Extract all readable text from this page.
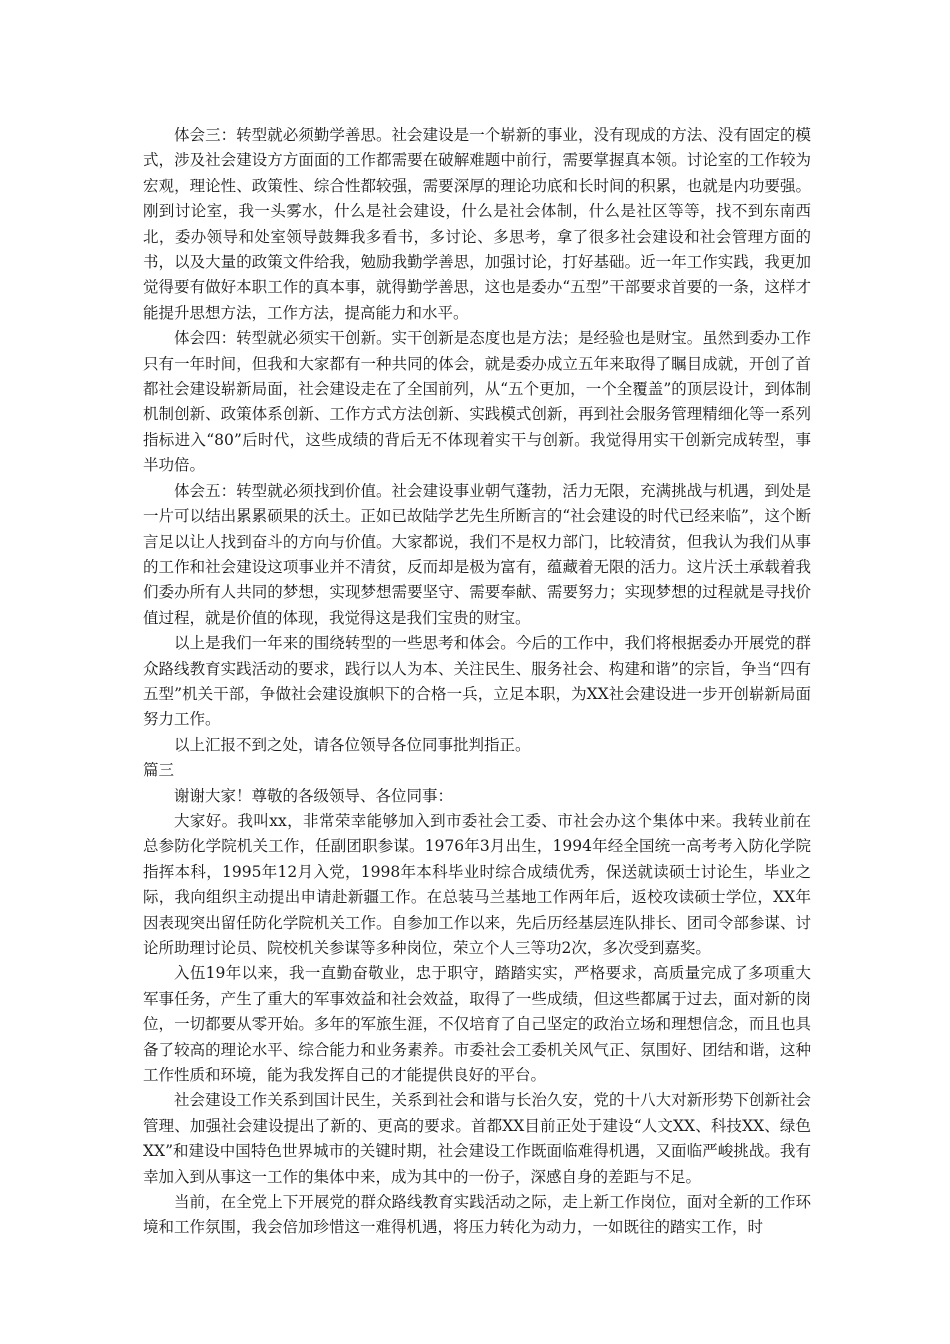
体会三：转型就必须勤学善思。社会建设是一个崭新的事业，没有现成的方法、没有固定的模式，涉及社会建设方方面面的工作都需要在破解难题中前行，需要掌握真本领。讨论室的工作较为宏观，理论性、政策性、综合性都较强，需要深厚的理论功底和长时间的积累，也就是内功要强。刚到讨论室，我一头雾水，什么是社会建设，什么是社会体制，什么是社区等等，找不到东南西北，委办领导和处室领导鼓舞我多看书，多讨论、多思考，拿了很多社会建设和社会管理方面的书，以及大量的政策文件给我，勉励我勤学善思，加强讨论，打好基础。近一年工作实践，我更加觉得要有做好本职工作的真本事，就得勤学善思，这也是委办“五型”干部要求首要的一条，这样才能提升思想方法，工作方法，提高能力和水平。

体会四：转型就必须实干创新。实干创新是态度也是方法；是经验也是财宝。虽然到委办工作只有一年时间，但我和大家都有一种共同的体会，就是委办成立五年来取得了瞩目成就，开创了首都社会建设崭新局面，社会建设走在了全国前列，从“五个更加，一个全覆盖”的顶层设计，到体制机制创新、政策体系创新、工作方式方法创新、实践模式创新，再到社会服务管理精细化等一系列指标进入“80”后时代，这些成绩的背后无不体现着实干与创新。我觉得用实干创新完成转型，事半功倍。

体会五：转型就必须找到价值。社会建设事业朝气蓬勃，活力无限，充满挑战与机遇，到处是一片可以结出累累硕果的沃土。正如已故陆学艺先生所断言的“社会建设的时代已经来临”，这个断言足以让人找到奋斗的方向与价值。大家都说，我们不是权力部门，比较清贫，但我认为我们从事的工作和社会建设这项事业并不清贫，反而却是极为富有，蕴藏着无限的活力。这片沃土承载着我们委办所有人共同的梦想，实现梦想需要坚守、需要奉献、需要努力；实现梦想的过程就是寻找价值过程，就是价值的体现，我觉得这是我们宝贵的财宝。

以上是我们一年来的围绕转型的一些思考和体会。今后的工作中，我们将根据委办开展党的群众路线教育实践活动的要求，践行以人为本、关注民生、服务社会、构建和谐”的宗旨，争当“四有五型”机关干部，争做社会建设旗帜下的合格一兵，立足本职，为XX社会建设进一步开创崭新局面努力工作。

以上汇报不到之处，请各位领导各位同事批判指正。

篇三

谢谢大家！尊敬的各级领导、各位同事：

大家好。我叫xx，非常荣幸能够加入到市委社会工委、市社会办这个集体中来。我转业前在总参防化学院机关工作，任副团职参谋。1976年3月出生，1994年经全国统一高考考入防化学院指挥本科，1995年12月入党，1998年本科毕业时综合成绩优秀，保送就读硕士讨论生，毕业之际，我向组织主动提出申请赴新疆工作。在总装马兰基地工作两年后，返校攻读硕士学位，XX年因表现突出留任防化学院机关工作。自参加工作以来，先后历经基层连队排长、团司令部参谋、讨论所助理讨论员、院校机关参谋等多种岗位，荣立个人三等功2次，多次受到嘉奖。

入伍19年以来，我一直勤奋敬业，忠于职守，踏踏实实，严格要求，高质量完成了多项重大军事任务，产生了重大的军事效益和社会效益，取得了一些成绩，但这些都属于过去，面对新的岗位，一切都要从零开始。多年的军旅生涯，不仅培育了自己坚定的政治立场和理想信念，而且也具备了较高的理论水平、综合能力和业务素养。市委社会工委机关风气正、氛围好、团结和谐，这种工作性质和环境，能为我发挥自己的才能提供良好的平台。

社会建设工作关系到国计民生，关系到社会和谐与长治久安，党的十八大对新形势下创新社会管理、加强社会建设提出了新的、更高的要求。首都XX目前正处于建设“人文XX、科技XX、绿色XX”和建设中国特色世界城市的关键时期，社会建设工作既面临难得机遇，又面临严峻挑战。我有幸加入到从事这一工作的集体中来，成为其中的一份子，深感自身的差距与不足。

当前，在全党上下开展党的群众路线教育实践活动之际，走上新工作岗位，面对全新的工作环境和工作氛围，我会倍加珍惜这一难得机遇，将压力转化为动力，一如既往的踏实工作，时
